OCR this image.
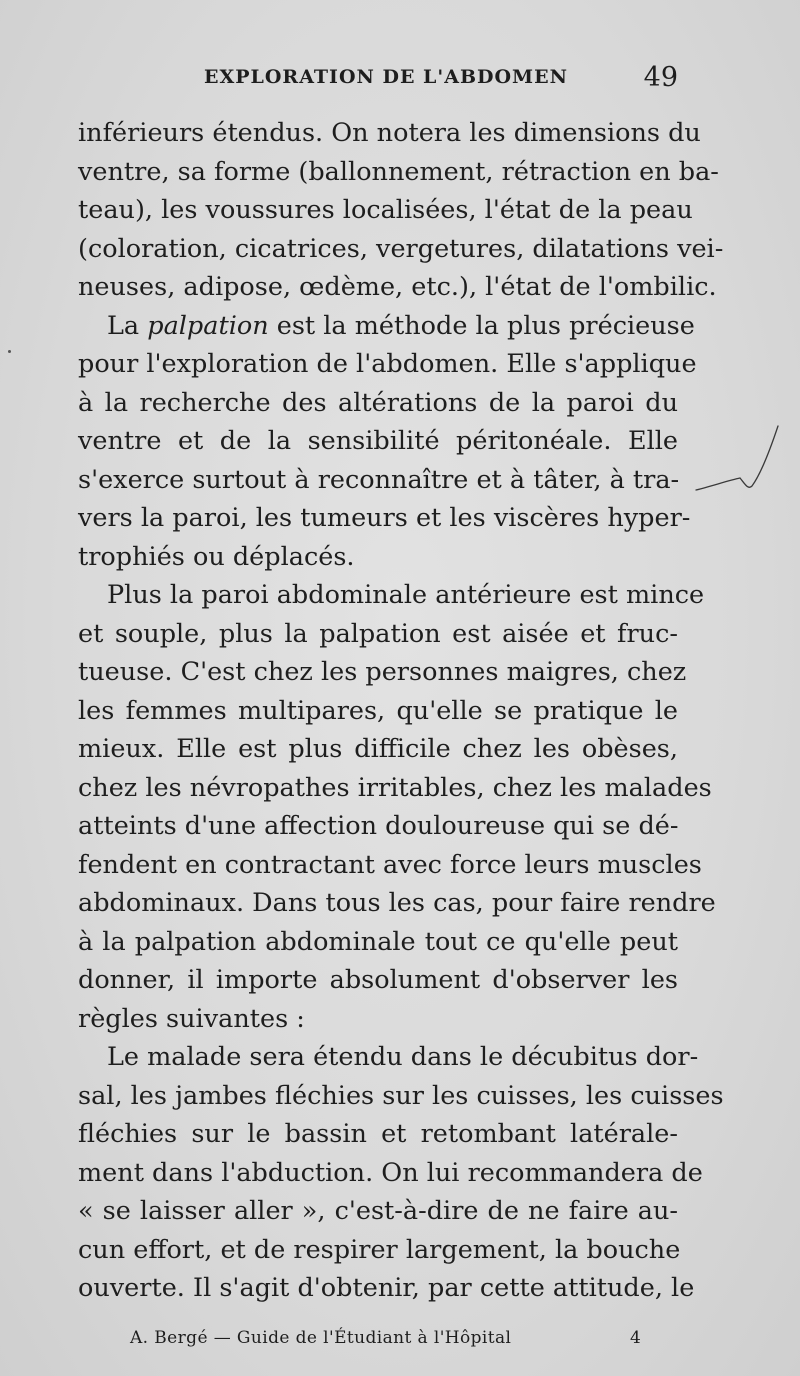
EXPLORATION DE L'ABDOMEN	49
inférieurs étendus. On notera les dimensions du
ventre, sa forme (ballonnement, rétraction en ba-
teau), les voussures localisées, l'état de la peau
(coloration, cicatrices, vergetures, dilatations vei-
neuses, adipose, œdème, etc.), l'état de l'ombilic.
La palpation est la méthode la plus précieuse
pour l'exploration de l'abdomen. Elle s'applique
à la recherche des altérations de la paroi du
ventre et de la sensibilité péritonéale. Elle
s'exerce surtout à reconnaître et à tâter, à tra-
vers la paroi, les tumeurs et les viscères hyper-
trophiés ou déplacés.
Plus la paroi abdominale antérieure est mince
et souple, plus la palpation est aisée et fruc-
tueuse. C'est chez les personnes maigres, chez
les femmes multipares, qu'elle se pratique le
mieux. Elle est plus difficile chez les obèses,
chez les névropathes irritables, chez les malades
atteints d'une affection douloureuse qui se dé-
fendent en contractant avec force leurs muscles
abdominaux. Dans tous les cas, pour faire rendre
à la palpation abdominale tout ce qu'elle peut
donner, il importe absolument d'observer les
règles suivantes :
Le malade sera étendu dans le décubitus dor-
sal, les jambes fléchies sur les cuisses, les cuisses
fléchies sur le bassin et retombant latérale-
ment dans l'abduction. On lui recommandera de
« se laisser aller », c'est-à-dire de ne faire au-
cun effort, et de respirer largement, la bouche
ouverte. Il s'agit d'obtenir, par cette attitude, le
A. Bergé — Guide de l'Étudiant à l'Hôpital	4
